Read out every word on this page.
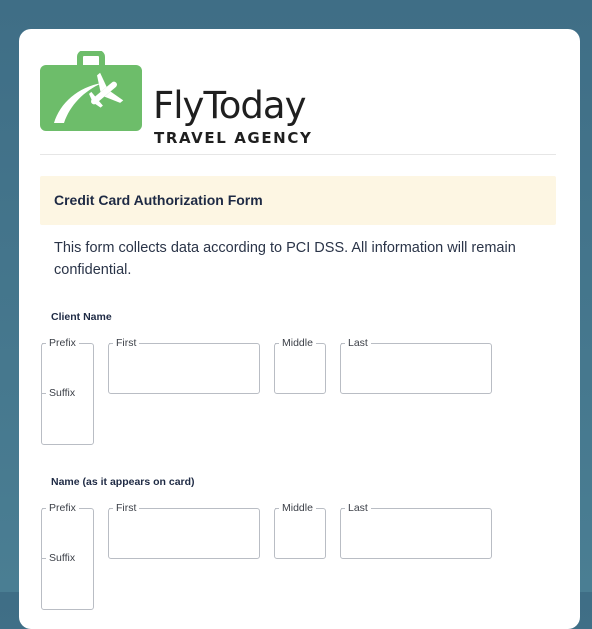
FlyToday
TRAVEL AGENCY
Credit Card Authorization Form
This form collects data according to PCI DSS. All information will remain confidential.
Client Name
Prefix
Suffix
First	Middle	Last
Name (as it appears on card)
Prefix
Suffix
First	Middle	Last
